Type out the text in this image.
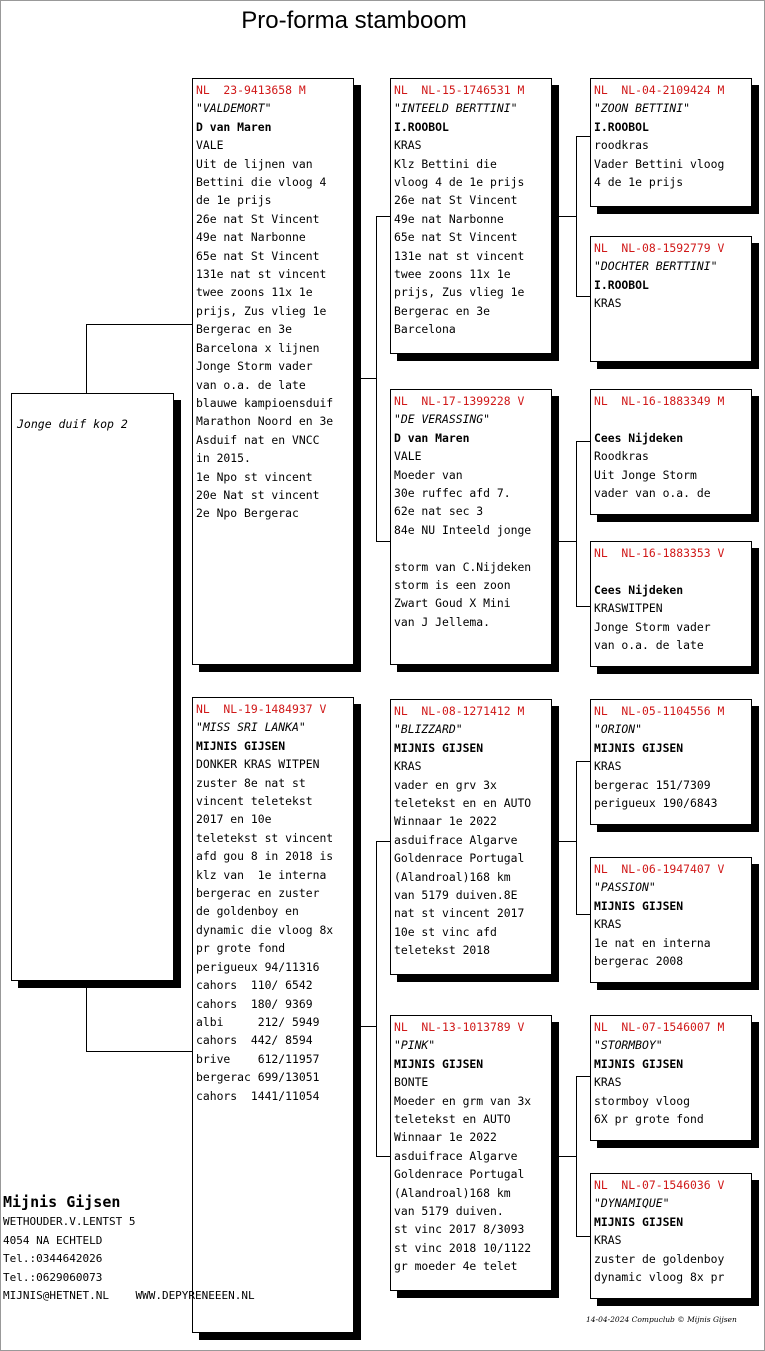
Pro-forma stamboom
Jonge duif kop 2
NL  23-9413658 M
"VALDEMORT"
D van Maren
VALE
Uit de lijnen van
Bettini die vloog 4
de 1e prijs
26e nat St Vincent
49e nat Narbonne
65e nat St Vincent
131e nat st vincent
twee zoons 11x 1e
prijs, Zus vlieg 1e
Bergerac en 3e
Barcelona x lijnen
Jonge Storm vader
van o.a. de late
blauwe kampioensduif
Marathon Noord en 3e
Asduif nat en VNCC
in 2015.
1e Npo st vincent
20e Nat st vincent
2e Npo Bergerac
NL  NL-19-1484937 V
"MISS SRI LANKA"
MIJNIS GIJSEN
DONKER KRAS WITPEN
zuster 8e nat st
vincent teletekst
2017 en 10e
teletekst st vincent
afd gou 8 in 2018 is
klz van  1e interna
bergerac en zuster
de goldenboy en
dynamic die vloog 8x
pr grote fond
perigueux 94/11316
cahors  110/ 6542
cahors  180/ 9369
albi     212/ 5949
cahors  442/ 8594
brive    612/11957
bergerac 699/13051
cahors  1441/11054
NL  NL-15-1746531 M
"INTEELD BERTTINI"
I.ROOBOL
KRAS
Klz Bettini die
vloog 4 de 1e prijs
26e nat St Vincent
49e nat Narbonne
65e nat St Vincent
131e nat st vincent
twee zoons 11x 1e
prijs, Zus vlieg 1e
Bergerac en 3e
Barcelona
NL  NL-17-1399228 V
"DE VERASSING"
D van Maren
VALE
Moeder van
30e ruffec afd 7.
62e nat sec 3
84e NU Inteeld jonge
storm van C.Nijdeken
storm is een zoon
Zwart Goud X Mini
van J Jellema.
NL  NL-08-1271412 M
"BLIZZARD"
MIJNIS GIJSEN
KRAS
vader en grv 3x
teletekst en en AUTO
Winnaar 1e 2022
asduifrace Algarve
Goldenrace Portugal
(Alandroal)168 km
van 5179 duiven.8E
nat st vincent 2017
10e st vinc afd
teletekst 2018
NL  NL-13-1013789 V
"PINK"
MIJNIS GIJSEN
BONTE
Moeder en grm van 3x
teletekst en AUTO
Winnaar 1e 2022
asduifrace Algarve
Goldenrace Portugal
(Alandroal)168 km
van 5179 duiven.
st vinc 2017 8/3093
st vinc 2018 10/1122
gr moeder 4e telet
NL  NL-04-2109424 M
"ZOON BETTINI"
I.ROOBOL
roodkras
Vader Bettini vloog
4 de 1e prijs
NL  NL-08-1592779 V
"DOCHTER BERTTINI"
I.ROOBOL
KRAS
NL  NL-16-1883349 M
Cees Nijdeken
Roodkras
Uit Jonge Storm
vader van o.a. de
NL  NL-16-1883353 V
Cees Nijdeken
KRASWITPEN
Jonge Storm vader
van o.a. de late
NL  NL-05-1104556 M
"ORION"
MIJNIS GIJSEN
KRAS
bergerac 151/7309
perigueux 190/6843
NL  NL-06-1947407 V
"PASSION"
MIJNIS GIJSEN
KRAS
1e nat en interna
bergerac 2008
NL  NL-07-1546007 M
"STORMBOY"
MIJNIS GIJSEN
KRAS
stormboy vloog
6X pr grote fond
NL  NL-07-1546036 V
"DYNAMIQUE"
MIJNIS GIJSEN
KRAS
zuster de goldenboy
dynamic vloog 8x pr
Mijnis Gijsen
WETHOUDER.V.LENTST 5
4054 NA ECHTELD
Tel.:0344642026
Tel.:0629060073
MIJNIS@HETNET.NL    WWW.DEPYRENEEEN.NL
14-04-2024 Compuclub © Mijnis Gijsen
